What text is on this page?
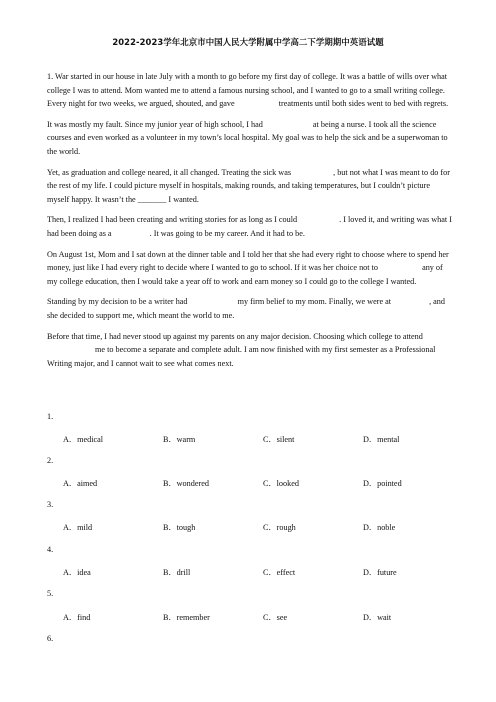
2022-2023学年北京市中国人民大学附属中学高二下学期期中英语试题

1. War started in our house in late July with a month to go before my first day of college. It was a battle of wills over what college I was to attend. Mom wanted me to attend a famous nursing school, and I wanted to go to a small writing college. Every night for two weeks, we argued, shouted, and gave	treatments until both sides went to bed with regrets.

It was mostly my fault. Since my junior year of high school, I had	at being a nurse. I took all the science courses and even worked as a volunteer in my town’s local hospital. My goal was to help the sick and be a superwoman to the world.

Yet, as graduation and college neared, it all changed. Treating the sick was	, but not what I was meant to do for the rest of my life. I could picture myself in hospitals, making rounds, and taking temperatures, but I couldn’t picture myself happy. It wasn’t the _______ I wanted.

Then, I realized I had been creating and writing stories for as long as I could	. I loved it, and writing was what I had been doing as a	. It was going to be my career. And it had to be.

On August 1st, Mom and I sat down at the dinner table and I told her that she had every right to choose where to spend her money, just like I had every right to decide where I wanted to go to school. If it was her choice not to	any of my college education, then I would take a year off to work and earn money so I could go to the college I wanted.

Standing by my decision to be a writer had	my firm belief to my mom. Finally, we were at	, and she decided to support me, which meant the world to me.

Before that time, I had never stood up against my parents on any major decision. Choosing which college to attend  me to become a separate and complete adult. I am now finished with my first semester as a Professional Writing major, and I cannot wait to see what comes next.

1.
A．medical	B．warm	C．silent	D．mental
2.
A．aimed	B．wondered	C．looked	D．pointed
3.
A．mild	B．tough	C．rough	D．noble
4.
A．idea	B．drill	C．effect	D．future
5.
A．find	B．remember	C．see	D．wait
6.
